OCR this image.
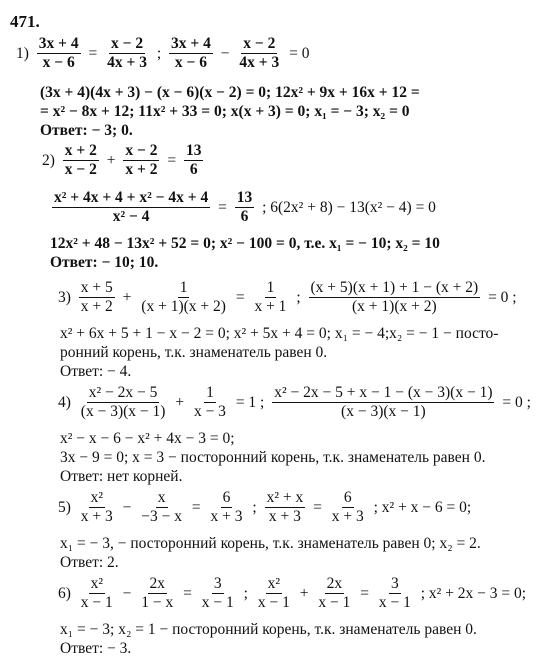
471.
$1) \frac{3x + 4}{x - 6} = \frac{x - 2}{4x + 3}$ ; $\frac{3x + 4}{x - 6} - \frac{x - 2}{4x + 3} = 0$
(3x + 4)(4x + 3) − (x − 6)(x − 2) = 0; 12x² + 9x + 16x + 12 =
= x² − 8x + 12; 11x² + 33 = 0; x(x + 3) = 0; x₁ = − 3; x₂ = 0
Ответ: − 3; 0.
$2) \frac{x + 2}{x - 2} + \frac{x - 2}{x + 2} = \frac{13}{6}$
$\frac{\text{x² + 4x + 4 + x² − 4x + 4}}{\text{x² − 4}} = \frac{13}{6}$ ; 6(2x² + 8) − 13(x² − 4) = 0
12x² + 48 − 13x² + 52 = 0; x² − 100 = 0, т.е. x₁ = − 10; x₂ = 10
Ответ: − 10; 10.
$3) \frac{x + 5}{x + 2} + \frac{1}{(x + 1)(x + 2)} = \frac{1}{x + 1}$ ; $\frac{(x + 5)(x + 1) + 1 - (x + 2)}{(x + 1)(x + 2)} = 0$ ;
x² + 6x + 5 + 1 − x − 2 = 0; x² + 5x + 4 = 0; x₁ = − 4;x₂ = − 1 − посто-
ронний корень, т.к. знаменатель равен 0.
Ответ: − 4.
$4) \frac{\text{x² − 2x − 5}}{(x - 3)(x - 1)} + \frac{1}{x - 3} = 1$ ; $\frac{\text{x² − 2x − 5 + x − 1 − (x − 3)(x − 1)}}{(x - 3)(x - 1)} = 0$ ;
x² − x − 6 − x² + 4x − 3 = 0;
3x − 9 = 0; x = 3 − посторонний корень, т.к. знаменатель равен 0.
Ответ: нет корней.
$5) \frac{\text{x²}}{x + 3} - \frac{x}{-3 - x} = \frac{6}{x + 3}$ ; $\frac{\text{x² + x}}{x + 3} = \frac{6}{x + 3}$ ; x² + x − 6 = 0;
x₁ = − 3, − посторонний корень, т.к. знаменатель равен 0; x₂ = 2.
Ответ: 2.
$6) \frac{\text{x²}}{x - 1} - \frac{2x}{1 - x} = \frac{3}{x - 1}$ ; $\frac{\text{x²}}{x - 1} + \frac{2x}{x - 1} = \frac{3}{x - 1}$ ; x² + 2x − 3 = 0;
x₁ = − 3; x₂ = 1 − посторонний корень, т.к. знаменатель равен 0.
Ответ: − 3.
